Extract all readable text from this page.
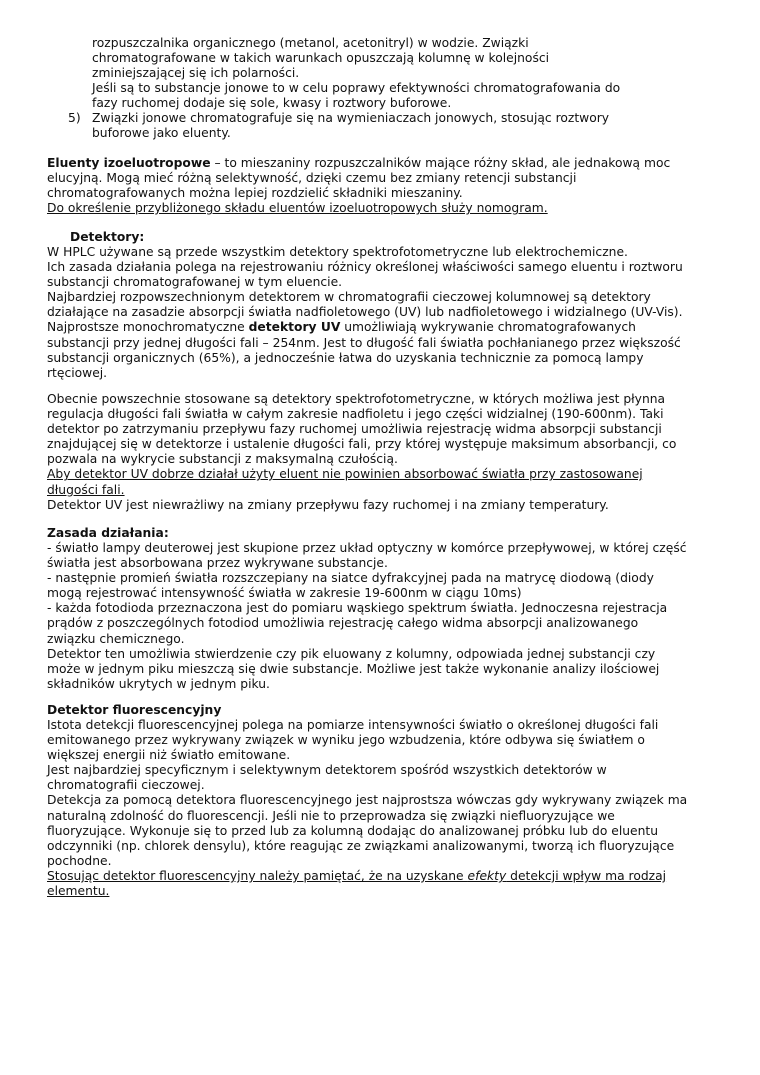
rozpuszczalnika organicznego (metanol, acetonitryl) w wodzie. Związki
chromatografowane w takich warunkach opuszczają kolumnę w kolejności
zminiejszającej się ich polarności.
Jeśli są to substancje jonowe to w celu poprawy efektywności chromatografowania do
fazy ruchomej dodaje się sole, kwasy i roztwory buforowe.

5) Związki jonowe chromatografuje się na wymieniaczach jonowych, stosując roztwory
buforowe jako eluenty.
Eluenty izoeluotropowe – to mieszaniny rozpuszczalników mające różny skład, ale jednakową moc
elucyjną. Mogą mieć różną selektywność, dzięki czemu bez zmiany retencji substancji
chromatografowanych można lepiej rozdzielić składniki mieszaniny.
Do określenie przybliżonego składu eluentów izoeluotropowych służy nomogram.
Detektory:
W HPLC używane są przede wszystkim detektory spektrofotometryczne lub elektrochemiczne.
Ich zasada działania polega na rejestrowaniu różnicy określonej właściwości samego eluentu i roztworu
substancji chromatografowanej w tym eluencie.
Najbardziej rozpowszechnionym detektorem w chromatografii cieczowej kolumnowej są detektory
działające na zasadzie absorpcji światła nadfioletowego (UV) lub nadfioletowego i widzialnego (UV-Vis).
Najprostsze monochromatyczne detektory UV umożliwiają wykrywanie chromatografowanych
substancji przy jednej długości fali – 254nm. Jest to długość fali światła pochłanianego przez większość
substancji organicznych (65%), a jednocześnie łatwa do uzyskania technicznie za pomocą lampy
rtęciowej.
Obecnie powszechnie stosowane są detektory spektrofotometryczne, w których możliwa jest płynna
regulacja długości fali światła w całym zakresie nadfioletu i jego części widzialnej (190-600nm). Taki
detektor po zatrzymaniu przepływu fazy ruchomej umożliwia rejestrację widma absorpcji substancji
znajdującej się w detektorze i ustalenie długości fali, przy której występuje maksimum absorbancji, co
pozwala na wykrycie substancji z maksymalną czułością.
Aby detektor UV dobrze działał użyty eluent nie powinien absorbować światła przy zastosowanej
długości fali.
Detektor UV jest niewrażliwy na zmiany przepływu fazy ruchomej i na zmiany temperatury.
Zasada działania:

- światło lampy deuterowej jest skupione przez układ optyczny w komórce przepływowej, w której część
światła jest absorbowana przez wykrywane substancje.
- następnie promień światła rozszczepiany na siatce dyfrakcyjnej pada na matrycę diodową (diody
mogą rejestrować intensywność światła w zakresie 19-600nm w ciągu 10ms)
- każda fotodioda przeznaczona jest do pomiaru wąskiego spektrum światła. Jednoczesna rejestracja
prądów z poszczególnych fotodiod umożliwia rejestrację całego widma absorpcji analizowanego
związku chemicznego.
Detektor ten umożliwia stwierdzenie czy pik eluowany z kolumny, odpowiada jednej substancji czy
może w jednym piku mieszczą się dwie substancje. Możliwe jest także wykonanie analizy ilościowej
składników ukrytych w jednym piku.

Detektor fluorescencyjny
Istota detekcji fluorescencyjnej polega na pomiarze intensywności światło o określonej długości fali
emitowanego przez wykrywany związek w wyniku jego wzbudzenia, które odbywa się światłem o
większej energii niż światło emitowane.
Jest najbardziej specyficznym i selektywnym detektorem spośród wszystkich detektorów w
chromatografii cieczowej.
Detekcja za pomocą detektora fluorescencyjnego jest najprostsza wówczas gdy wykrywany związek ma
naturalną zdolność do fluorescencji. Jeśli nie to przeprowadza się związki niefluoryzujące we
fluoryzujące. Wykonuje się to przed lub za kolumną dodając do analizowanej próbku lub do eluentu
odczynniki (np. chlorek densylu), które reagując ze związkami analizowanymi, tworzą ich fluoryzujące
pochodne.
Stosując detektor fluorescencyjny należy pamiętać, że na uzyskane efekty detekcji wpływ ma rodzaj
elementu.
